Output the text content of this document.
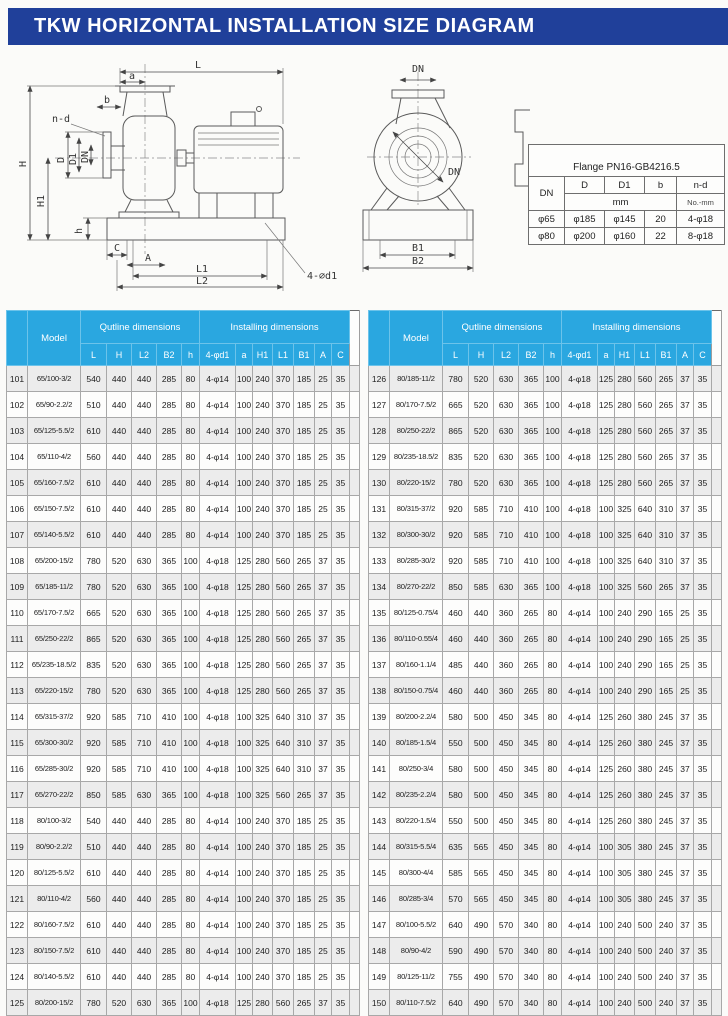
TKW HORIZONTAL INSTALLATION SIZE DIAGRAM
L
a
b
n-d
D D1 DN
H
H1
h
C
A
L1
L2	4-∅d1
DN
DN
B1
B2
Flange PN16-GB4216.5				
DN	D	D1	b	n-d
	mm			No.-mm
φ65	φ185	φ145	20	4-φ18
φ80	φ200	φ160	22	8-φ18
	Model	Qutline dimensions					Installing dimensions							
		L	H	L2	B2	h	4-φd1	a	H1	L1	B1	A	C	
101	65/100-3/2	540	440	440	285	80	4-φ14	100	240	370	185	25	35	
102	65/90-2.2/2	510	440	440	285	80	4-φ14	100	240	370	185	25	35	
103	65/125-5.5/2	610	440	440	285	80	4-φ14	100	240	370	185	25	35	
104	65/110-4/2	560	440	440	285	80	4-φ14	100	240	370	185	25	35	
105	65/160-7.5/2	610	440	440	285	80	4-φ14	100	240	370	185	25	35	
106	65/150-7.5/2	610	440	440	285	80	4-φ14	100	240	370	185	25	35	
107	65/140-5.5/2	610	440	440	285	80	4-φ14	100	240	370	185	25	35	
108	65/200-15/2	780	520	630	365	100	4-φ18	125	280	560	265	37	35	
109	65/185-11/2	780	520	630	365	100	4-φ18	125	280	560	265	37	35	
110	65/170-7.5/2	665	520	630	365	100	4-φ18	125	280	560	265	37	35	
111	65/250-22/2	865	520	630	365	100	4-φ18	125	280	560	265	37	35	
112	65/235-18.5/2	835	520	630	365	100	4-φ18	125	280	560	265	37	35	
113	65/220-15/2	780	520	630	365	100	4-φ18	125	280	560	265	37	35	
114	65/315-37/2	920	585	710	410	100	4-φ18	100	325	640	310	37	35	
115	65/300-30/2	920	585	710	410	100	4-φ18	100	325	640	310	37	35	
116	65/285-30/2	920	585	710	410	100	4-φ18	100	325	640	310	37	35	
117	65/270-22/2	850	585	630	365	100	4-φ18	100	325	560	265	37	35	
118	80/100-3/2	540	440	440	285	80	4-φ14	100	240	370	185	25	35	
119	80/90-2.2/2	510	440	440	285	80	4-φ14	100	240	370	185	25	35	
120	80/125-5.5/2	610	440	440	285	80	4-φ14	100	240	370	185	25	35	
121	80/110-4/2	560	440	440	285	80	4-φ14	100	240	370	185	25	35	
122	80/160-7.5/2	610	440	440	285	80	4-φ14	100	240	370	185	25	35	
123	80/150-7.5/2	610	440	440	285	80	4-φ14	100	240	370	185	25	35	
124	80/140-5.5/2	610	440	440	285	80	4-φ14	100	240	370	185	25	35	
125	80/200-15/2	780	520	630	365	100	4-φ18	125	280	560	265	37	35	
	Model	Qutline dimensions					Installing dimensions							
		L	H	L2	B2	h	4-φd1	a	H1	L1	B1	A	C	
126	80/185-11/2	780	520	630	365	100	4-φ18	125	280	560	265	37	35	
127	80/170-7.5/2	665	520	630	365	100	4-φ18	125	280	560	265	37	35	
128	80/250-22/2	865	520	630	365	100	4-φ18	125	280	560	265	37	35	
129	80/235-18.5/2	835	520	630	365	100	4-φ18	125	280	560	265	37	35	
130	80/220-15/2	780	520	630	365	100	4-φ18	125	280	560	265	37	35	
131	80/315-37/2	920	585	710	410	100	4-φ18	100	325	640	310	37	35	
132	80/300-30/2	920	585	710	410	100	4-φ18	100	325	640	310	37	35	
133	80/285-30/2	920	585	710	410	100	4-φ18	100	325	640	310	37	35	
134	80/270-22/2	850	585	630	365	100	4-φ18	100	325	560	265	37	35	
135	80/125-0.75/4	460	440	360	265	80	4-φ14	100	240	290	165	25	35	
136	80/110-0.55/4	460	440	360	265	80	4-φ14	100	240	290	165	25	35	
137	80/160-1.1/4	485	440	360	265	80	4-φ14	100	240	290	165	25	35	
138	80/150-0.75/4	460	440	360	265	80	4-φ14	100	240	290	165	25	35	
139	80/200-2.2/4	580	500	450	345	80	4-φ14	125	260	380	245	37	35	
140	80/185-1.5/4	550	500	450	345	80	4-φ14	125	260	380	245	37	35	
141	80/250-3/4	580	500	450	345	80	4-φ14	125	260	380	245	37	35	
142	80/235-2.2/4	580	500	450	345	80	4-φ14	125	260	380	245	37	35	
143	80/220-1.5/4	550	500	450	345	80	4-φ14	125	260	380	245	37	35	
144	80/315-5.5/4	635	565	450	345	80	4-φ14	100	305	380	245	37	35	
145	80/300-4/4	585	565	450	345	80	4-φ14	100	305	380	245	37	35	
146	80/285-3/4	570	565	450	345	80	4-φ14	100	305	380	245	37	35	
147	80/100-5.5/2	640	490	570	340	80	4-φ14	100	240	500	240	37	35	
148	80/90-4/2	590	490	570	340	80	4-φ14	100	240	500	240	37	35	
149	80/125-11/2	755	490	570	340	80	4-φ14	100	240	500	240	37	35	
150	80/110-7.5/2	640	490	570	340	80	4-φ14	100	240	500	240	37	35	
